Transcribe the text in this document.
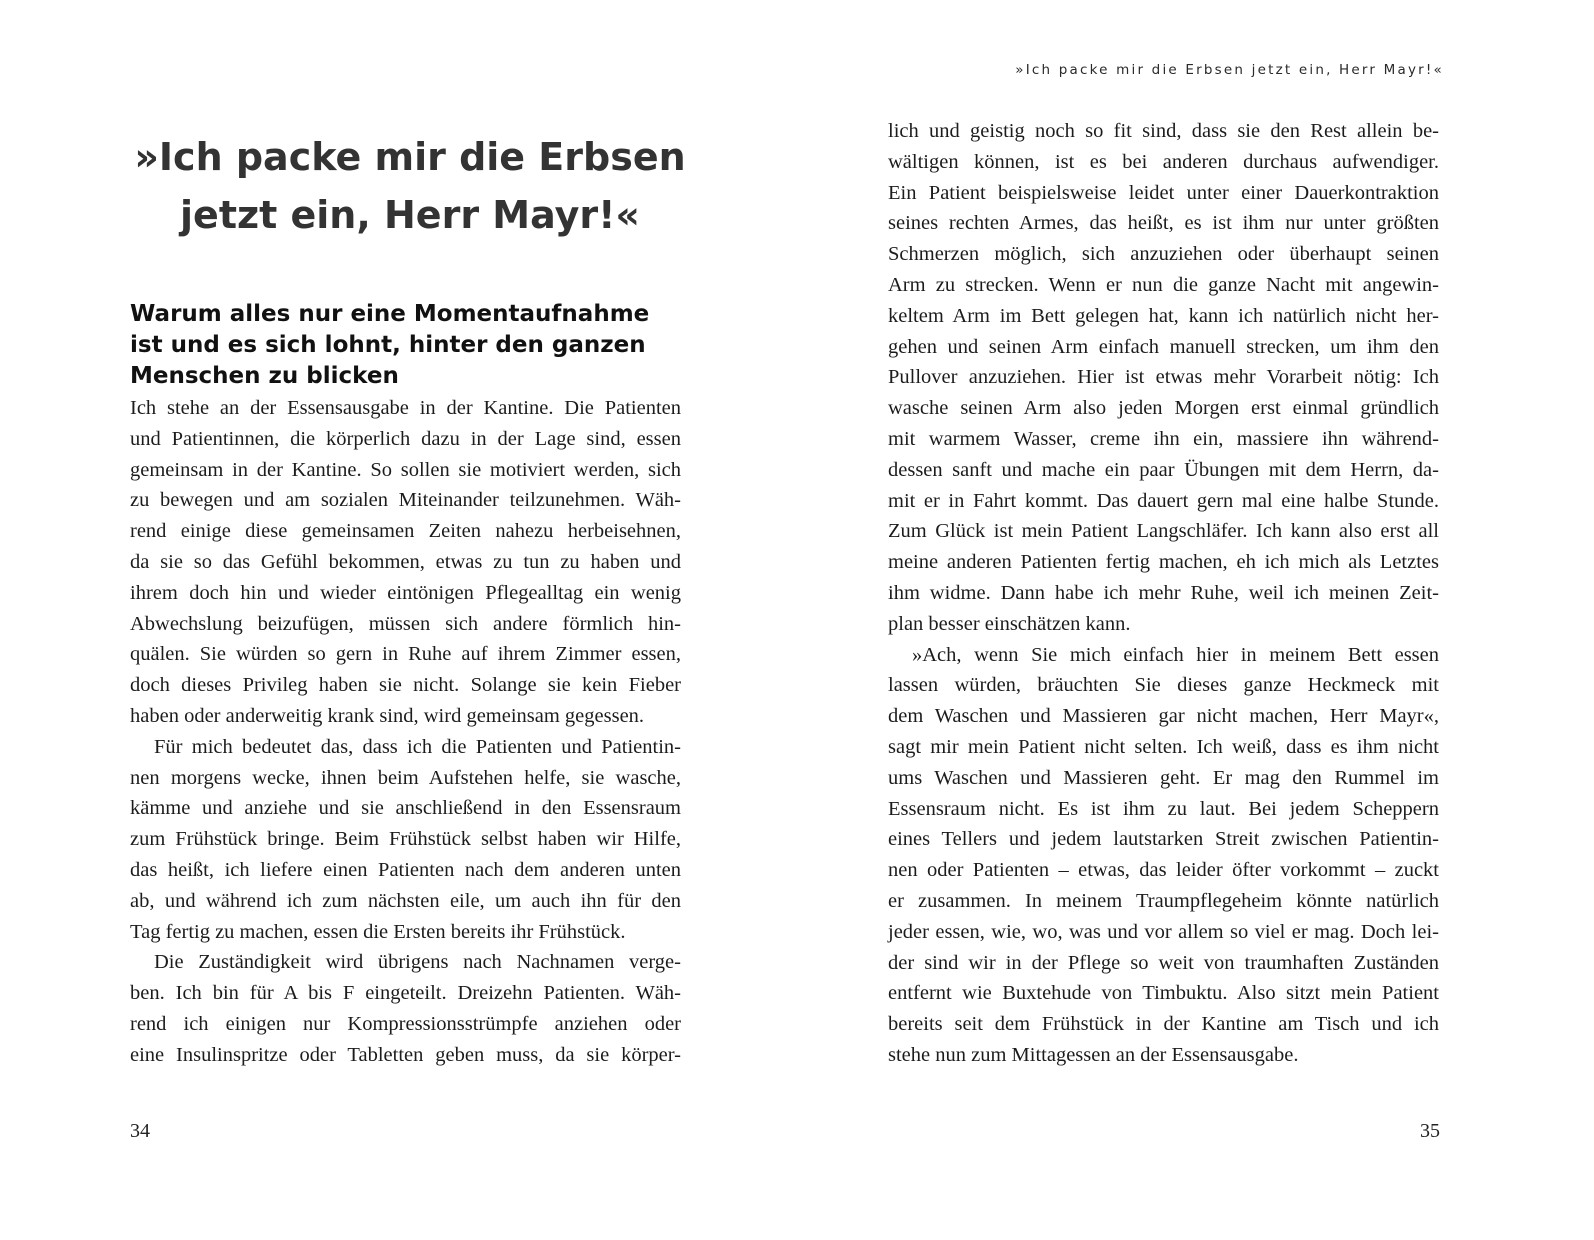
»Ich packe mir die Erbsen
jetzt ein, Herr Mayr!«
Warum alles nur eine Momentaufnahme
ist und es sich lohnt, hinter den ganzen
Menschen zu blicken
Ich stehe an der Essensausgabe in der Kantine. Die Patienten
und Patientinnen, die körperlich dazu in der Lage sind, essen
gemeinsam in der Kantine. So sollen sie motiviert werden, sich
zu bewegen und am sozialen Miteinander teilzunehmen. Wäh-
rend einige diese gemeinsamen Zeiten nahezu herbeisehnen,
da sie so das Gefühl bekommen, etwas zu tun zu haben und
ihrem doch hin und wieder eintönigen Pflegealltag ein wenig
Abwechslung beizufügen, müssen sich andere förmlich hin-
quälen. Sie würden so gern in Ruhe auf ihrem Zimmer essen,
doch dieses Privileg haben sie nicht. Solange sie kein Fieber
haben oder anderweitig krank sind, wird gemeinsam gegessen.
Für mich bedeutet das, dass ich die Patienten und Patientin-
nen morgens wecke, ihnen beim Aufstehen helfe, sie wasche,
kämme und anziehe und sie anschließend in den Essensraum
zum Frühstück bringe. Beim Frühstück selbst haben wir Hilfe,
das heißt, ich liefere einen Patienten nach dem anderen unten
ab, und während ich zum nächsten eile, um auch ihn für den
Tag fertig zu machen, essen die Ersten bereits ihr Frühstück.
Die Zuständigkeit wird übrigens nach Nachnamen verge-
ben. Ich bin für A bis F eingeteilt. Dreizehn Patienten. Wäh-
rend ich einigen nur Kompressionsstrümpfe anziehen oder
eine Insulinspritze oder Tabletten geben muss, da sie körper-
34
»Ich packe mir die Erbsen jetzt ein, Herr Mayr!«
lich und geistig noch so fit sind, dass sie den Rest allein be-
wältigen können, ist es bei anderen durchaus aufwendiger.
Ein Patient beispielsweise leidet unter einer Dauerkontraktion
seines rechten Armes, das heißt, es ist ihm nur unter größten
Schmerzen möglich, sich anzuziehen oder überhaupt seinen
Arm zu strecken. Wenn er nun die ganze Nacht mit angewin-
keltem Arm im Bett gelegen hat, kann ich natürlich nicht her-
gehen und seinen Arm einfach manuell strecken, um ihm den
Pullover anzuziehen. Hier ist etwas mehr Vorarbeit nötig: Ich
wasche seinen Arm also jeden Morgen erst einmal gründlich
mit warmem Wasser, creme ihn ein, massiere ihn während-
dessen sanft und mache ein paar Übungen mit dem Herrn, da-
mit er in Fahrt kommt. Das dauert gern mal eine halbe Stunde.
Zum Glück ist mein Patient Langschläfer. Ich kann also erst all
meine anderen Patienten fertig machen, eh ich mich als Letztes
ihm widme. Dann habe ich mehr Ruhe, weil ich meinen Zeit-
plan besser einschätzen kann.
»Ach, wenn Sie mich einfach hier in meinem Bett essen
lassen würden, bräuchten Sie dieses ganze Heckmeck mit
dem Waschen und Massieren gar nicht machen, Herr Mayr«,
sagt mir mein Patient nicht selten. Ich weiß, dass es ihm nicht
ums Waschen und Massieren geht. Er mag den Rummel im
Essensraum nicht. Es ist ihm zu laut. Bei jedem Scheppern
eines Tellers und jedem lautstarken Streit zwischen Patientin-
nen oder Patienten – etwas, das leider öfter vorkommt – zuckt
er zusammen. In meinem Traumpflegeheim könnte natürlich
jeder essen, wie, wo, was und vor allem so viel er mag. Doch lei-
der sind wir in der Pflege so weit von traumhaften Zuständen
entfernt wie Buxtehude von Timbuktu. Also sitzt mein Patient
bereits seit dem Frühstück in der Kantine am Tisch und ich
stehe nun zum Mittagessen an der Essensausgabe.
35
